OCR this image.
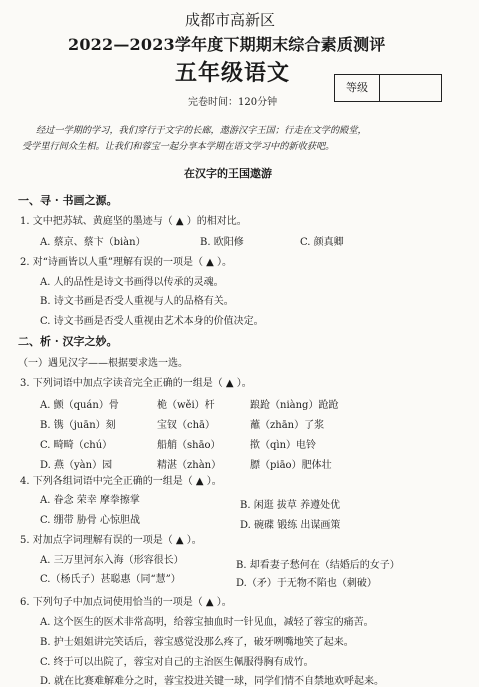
成都市高新区
2022—2023学年度下期期末综合素质测评
五年级语文
完卷时间：120分钟
等级
经过一学期的学习，我们穿行于文字的长廊，遨游汉字王国；行走在文学的殿堂，
受学里行间众生相。让我们和蓉宝一起分享本学期在语文学习中的新收获吧。
在汉字的王国遨游
一、寻 · 书画之源。
1. 文中把苏轼、黄庭坚的墨迹与（ ▲ ）的相对比。
A. 蔡京、蔡卞（biàn）	B. 欧阳修	C. 颜真卿
2. 对“诗画皆以人重”理解有误的一项是（ ▲ ）。
A. 人的品性是诗文书画得以传承的灵魂。
B. 诗文书画是否受人重视与人的品格有关。
C. 诗文书画是否受人重视由艺术本身的价值决定。
二、析 · 汉字之妙。
（一）遇见汉字——根据要求选一选。
3. 下列词语中加点字读音完全正确的一组是（ ▲ ）。
A. 颤（quán）骨	桅（wěi）杆	踉跄（niàng）跄跄
B. 镌（juān）刻	宝钗（chā）	蘸（zhān）了浆
C. 畸畸（chú）	船艄（shāo）	揿（qìn）电铃
D. 燕（yàn）园	精湛（zhàn）	膘（piāo）肥体壮
4. 下列各组词语中完全正确的一组是（ ▲ ）。
A. 眷念 荣幸 摩拳擦掌	B. 闲逛 拔草 养遵处优
C. 绷带 胁骨 心惊胆战	D. 碗碟 锻练 出谋画策
5. 对加点字词理解有误的一项是（ ▲ ）。
A. 三万里河东入海（形容很长）	B. 却看妻子愁何在（结婚后的女子）
C.（杨氏子）甚聪惠（同“慧”）	D.（矛）于无物不陷也（刺破）
6. 下列句子中加点词使用恰当的一项是（ ▲ ）。
A. 这个医生的医术非常高明，给蓉宝抽血时一针见血，减轻了蓉宝的痛苦。
B. 护士姐姐讲完笑话后，蓉宝感觉没那么疼了，破牙咧嘴地笑了起来。
C. 终于可以出院了，蓉宝对自己的主治医生佩服得胸有成竹。
D. 就在比赛难解难分之时，蓉宝投进关键一球，同学们情不自禁地欢呼起来。
